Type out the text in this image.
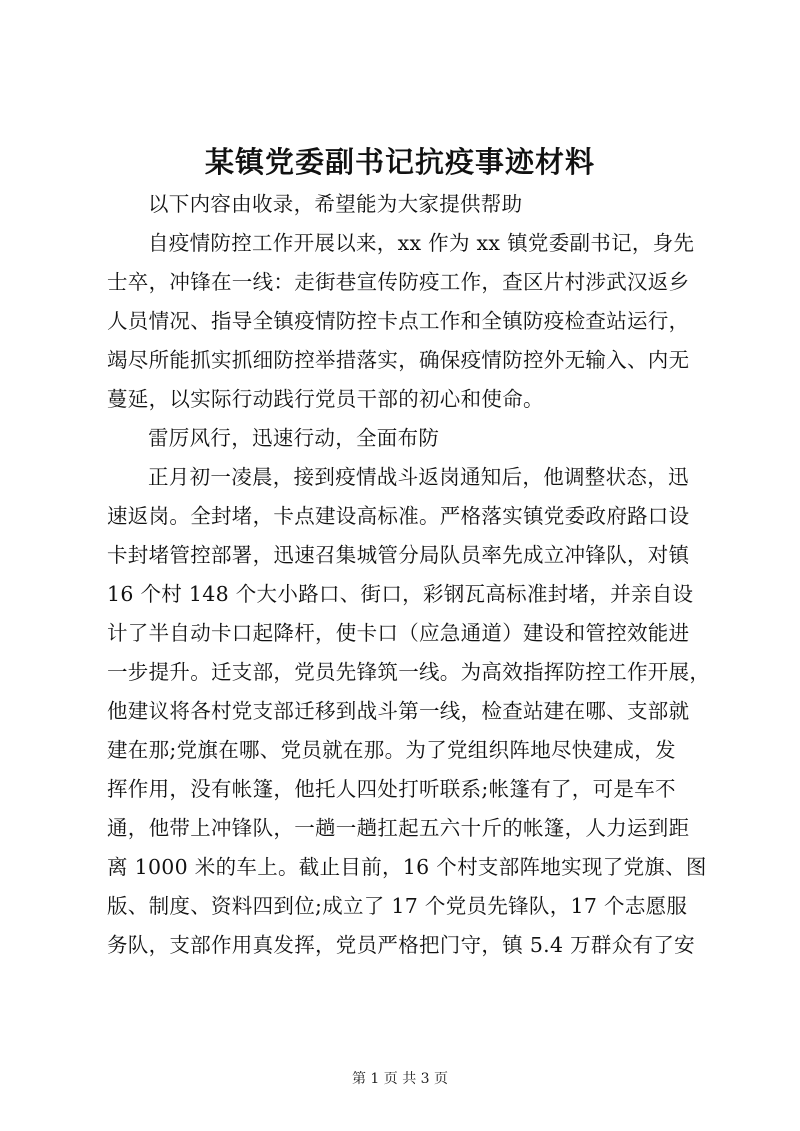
某镇党委副书记抗疫事迹材料

以下内容由收录，希望能为大家提供帮助

自疫情防控工作开展以来，xx 作为 xx 镇党委副书记，身先
士卒，冲锋在一线：走街巷宣传防疫工作，查区片村涉武汉返乡
人员情况、指导全镇疫情防控卡点工作和全镇防疫检查站运行，
竭尽所能抓实抓细防控举措落实，确保疫情防控外无输入、内无
蔓延，以实际行动践行党员干部的初心和使命。

雷厉风行，迅速行动，全面布防

正月初一凌晨，接到疫情战斗返岗通知后，他调整状态，迅
速返岗。全封堵，卡点建设高标准。严格落实镇党委政府路口设
卡封堵管控部署，迅速召集城管分局队员率先成立冲锋队，对镇
16 个村 148 个大小路口、街口，彩钢瓦高标准封堵，并亲自设
计了半自动卡口起降杆，使卡口（应急通道）建设和管控效能进
一步提升。迁支部，党员先锋筑一线。为高效指挥防控工作开展，
他建议将各村党支部迁移到战斗第一线，检查站建在哪、支部就
建在那;党旗在哪、党员就在那。为了党组织阵地尽快建成，发
挥作用，没有帐篷，他托人四处打听联系;帐篷有了，可是车不
通，他带上冲锋队，一趟一趟扛起五六十斤的帐篷，人力运到距
离 1000 米的车上。截止目前，16 个村支部阵地实现了党旗、图
版、制度、资料四到位;成立了 17 个党员先锋队，17 个志愿服
务队，支部作用真发挥，党员严格把门守，镇 5.4 万群众有了安

第 1 页 共 3 页
